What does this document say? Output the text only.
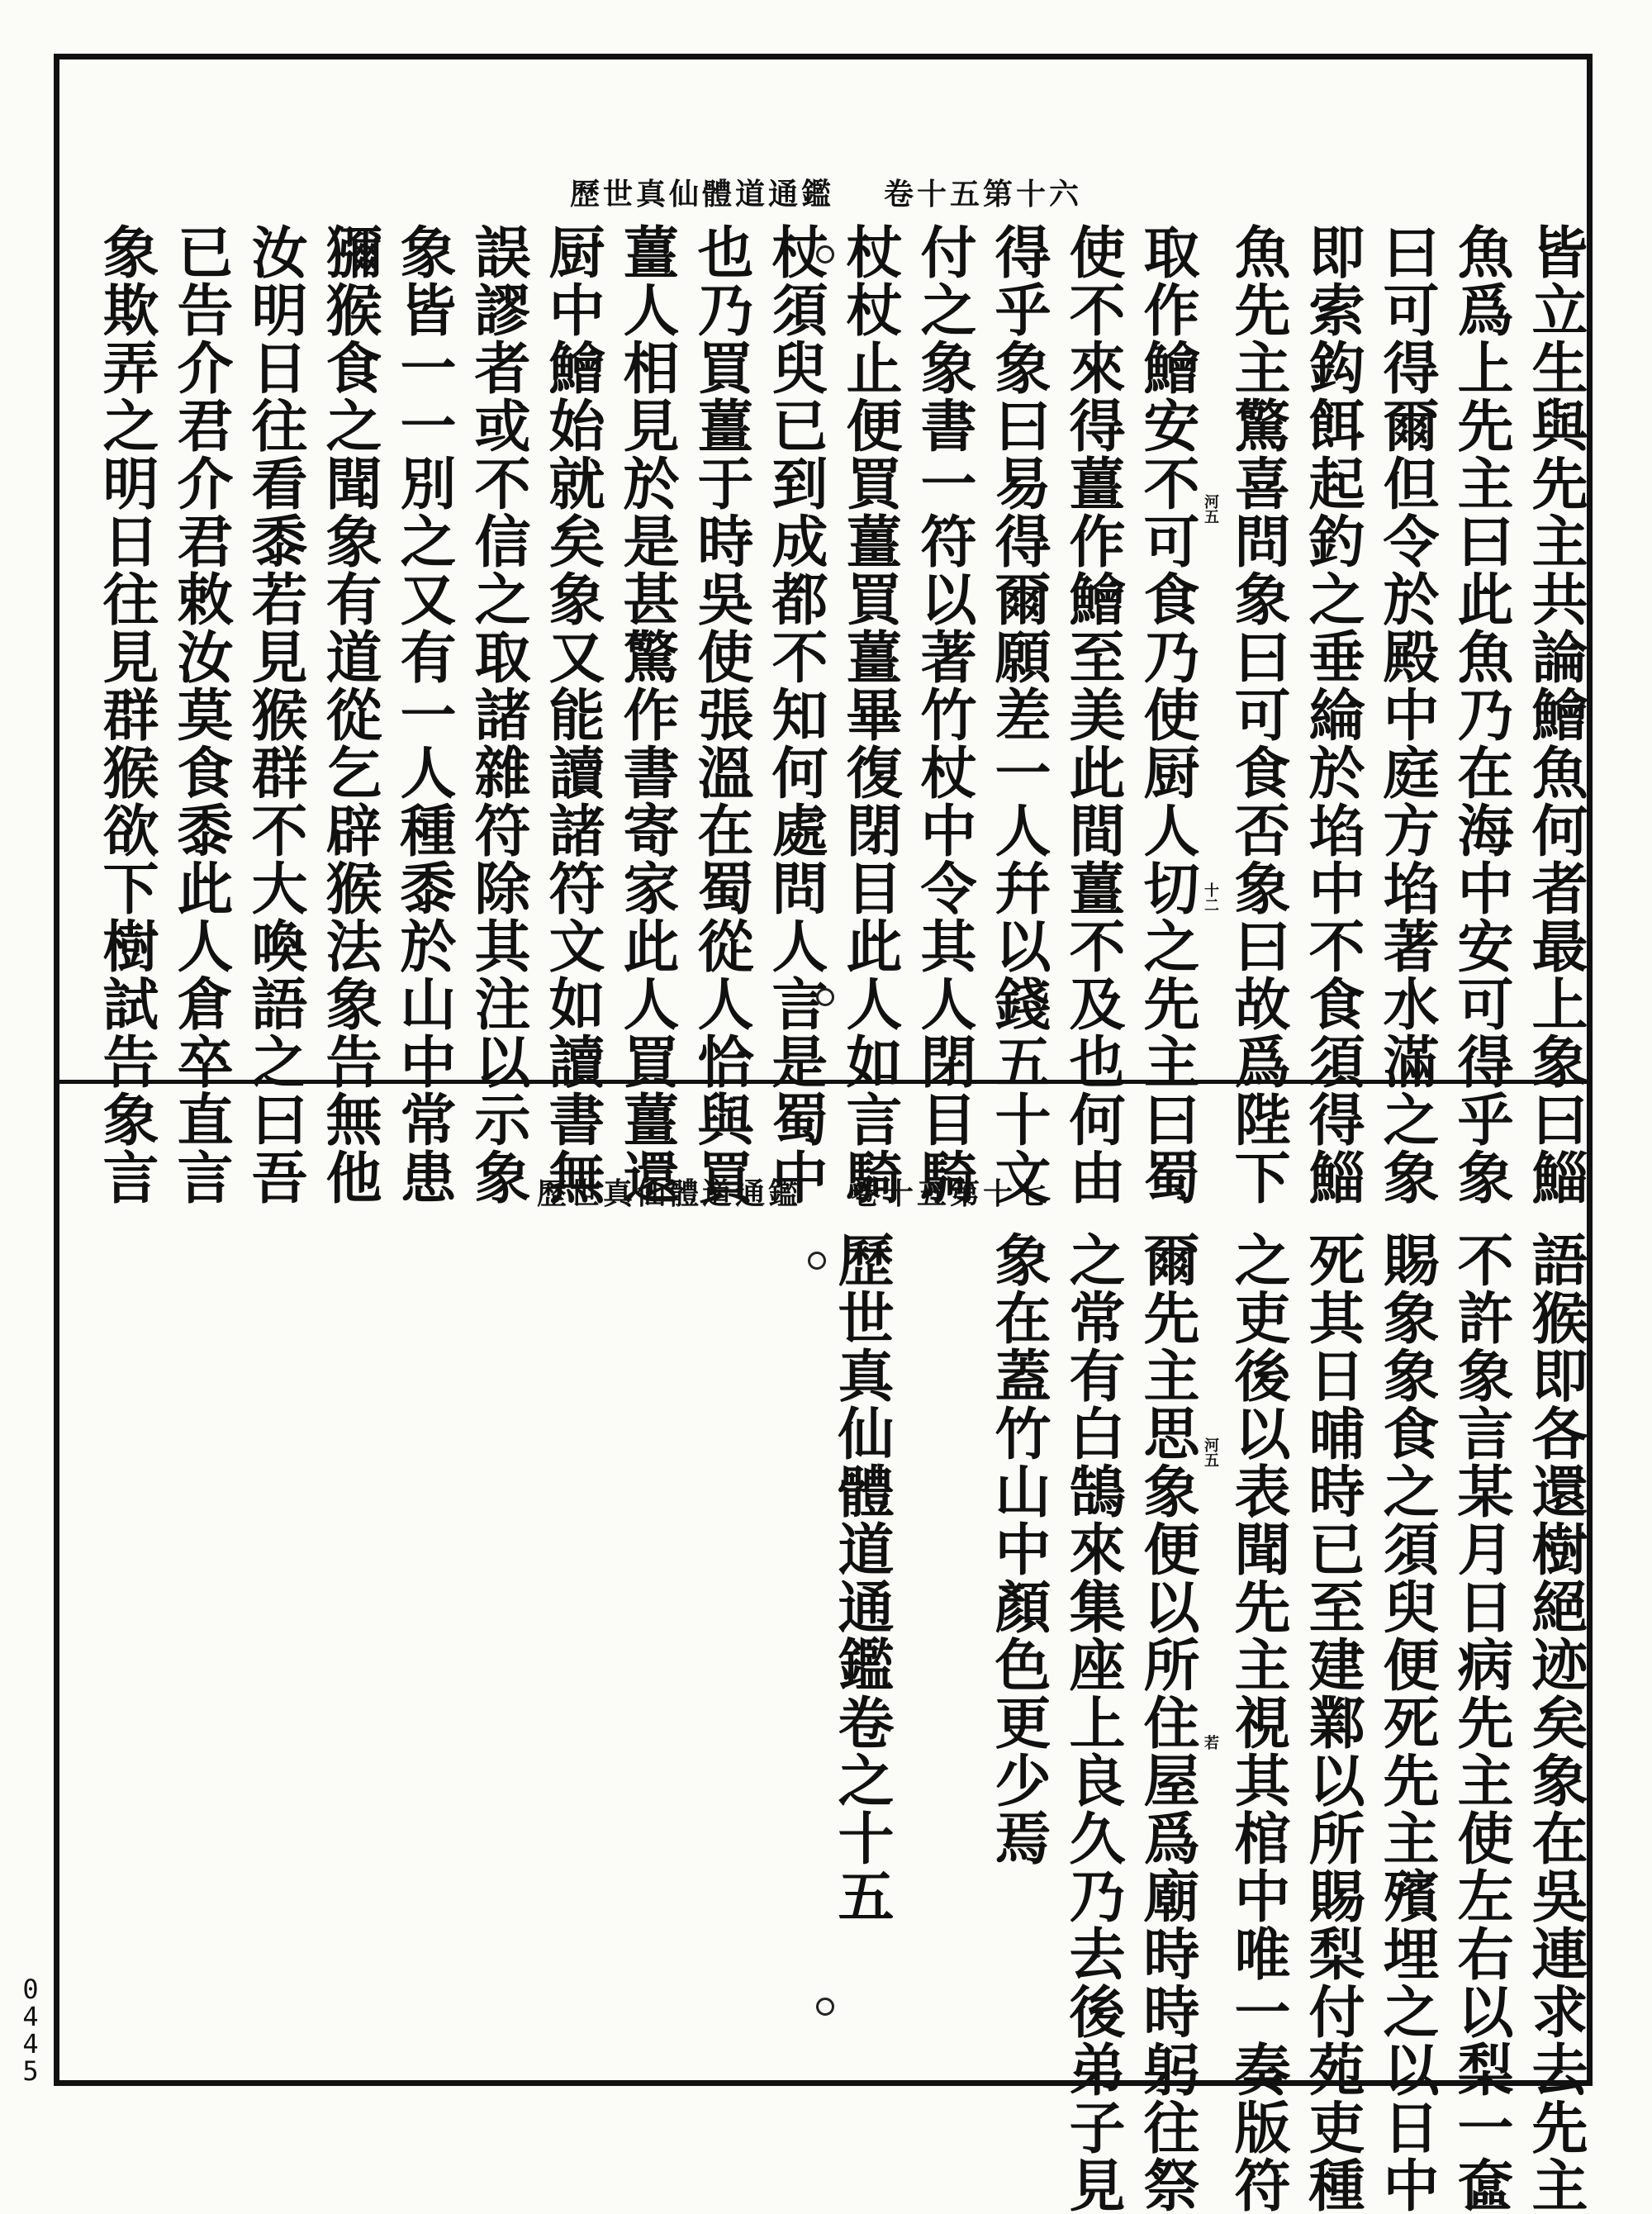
歷世真仙體道通鑑 卷十五第十六
皆立生與先主共論鱠魚何者最上象曰鯔
魚爲上先主曰此魚乃在海中安可得乎象
曰可得爾但令於殿中庭方埳著水滿之象
即索鈎餌起釣之垂綸於埳中不食須得鯔
魚先主驚喜問象曰可食否象曰故爲陛下
取作鱠安不可食乃使厨人切之先主曰蜀
使不來得薑作鱠至美此間薑不及也何由
得乎象曰易得爾願差一人幷以錢五十文
付之象書一符以著竹杖中令其人閉目騎
杖杖止便買薑買薑畢復閉目此人如言騎
杖須臾已到成都不知何處問人言是蜀中
也乃買薑于時吳使張溫在蜀從人恰與買
薑人相見於是甚驚作書寄家此人買薑還
厨中鱠始就矣象又能讀諸符文如讀書無
誤謬者或不信之取諸雜符除其注以示象
象皆一一別之又有一人種黍於山中常患
獼猴食之聞象有道從乞辟猴法象告無他
汝明日往看黍若見猴群不大喚語之曰吾
已告介君介君敕汝莫食黍此人倉卒直言
象欺弄之明日往見群猴欲下樹試告象言	河五
十二
歷世真仙體道通鑑 卷十五第十七
語猴即各還樹絕迹矣象在吳連求去先主
不許象言某月日病先主使左右以梨一奩
賜象象食之須臾便死先主殯埋之以日中
死其日晡時已至建鄴以所賜梨付苑吏種
之吏後以表聞先主視其棺中唯一奏版符
爾先主思象便以所住屋爲廟時時躬往祭
之常有白鵠來集座上良久乃去後弟子見
象在蓋竹山中顏色更少焉
歷世真仙體道通鑑卷之十五	河五
若
0445
